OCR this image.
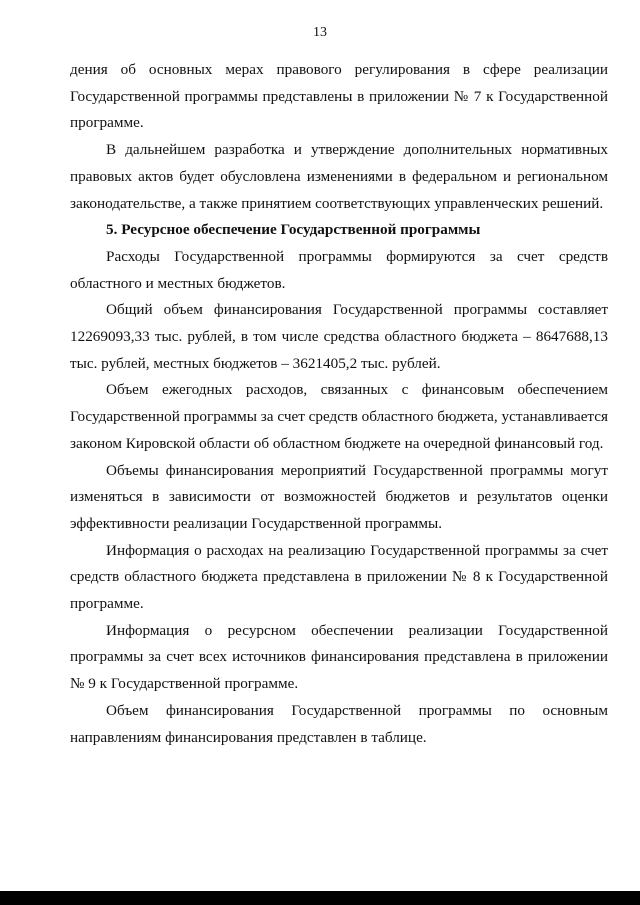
13

дения об основных мерах правового регулирования в сфере реализации Государственной программы представлены в приложении № 7 к Государственной программе.

В дальнейшем разработка и утверждение дополнительных нормативных правовых актов будет обусловлена изменениями в федеральном и региональном законодательстве, а также принятием соответствующих управленческих решений.

5. Ресурсное обеспечение Государственной программы

Расходы Государственной программы формируются за счет средств областного и местных бюджетов.

Общий объем финансирования Государственной программы составляет 12269093,33 тыс. рублей, в том числе средства областного бюджета – 8647688,13 тыс. рублей, местных бюджетов – 3621405,2 тыс. рублей.

Объем ежегодных расходов, связанных с финансовым обеспечением Государственной программы за счет средств областного бюджета, устанавливается законом Кировской области об областном бюджете на очередной финансовый год.

Объемы финансирования мероприятий Государственной программы могут изменяться в зависимости от возможностей бюджетов и результатов оценки эффективности реализации Государственной программы.

Информация о расходах на реализацию Государственной программы за счет средств областного бюджета представлена в приложении № 8 к Государственной программе.

Информация о ресурсном обеспечении реализации Государственной программы за счет всех источников финансирования представлена в приложении № 9 к Государственной программе.

Объем финансирования Государственной программы по основным направлениям финансирования представлен в таблице.
